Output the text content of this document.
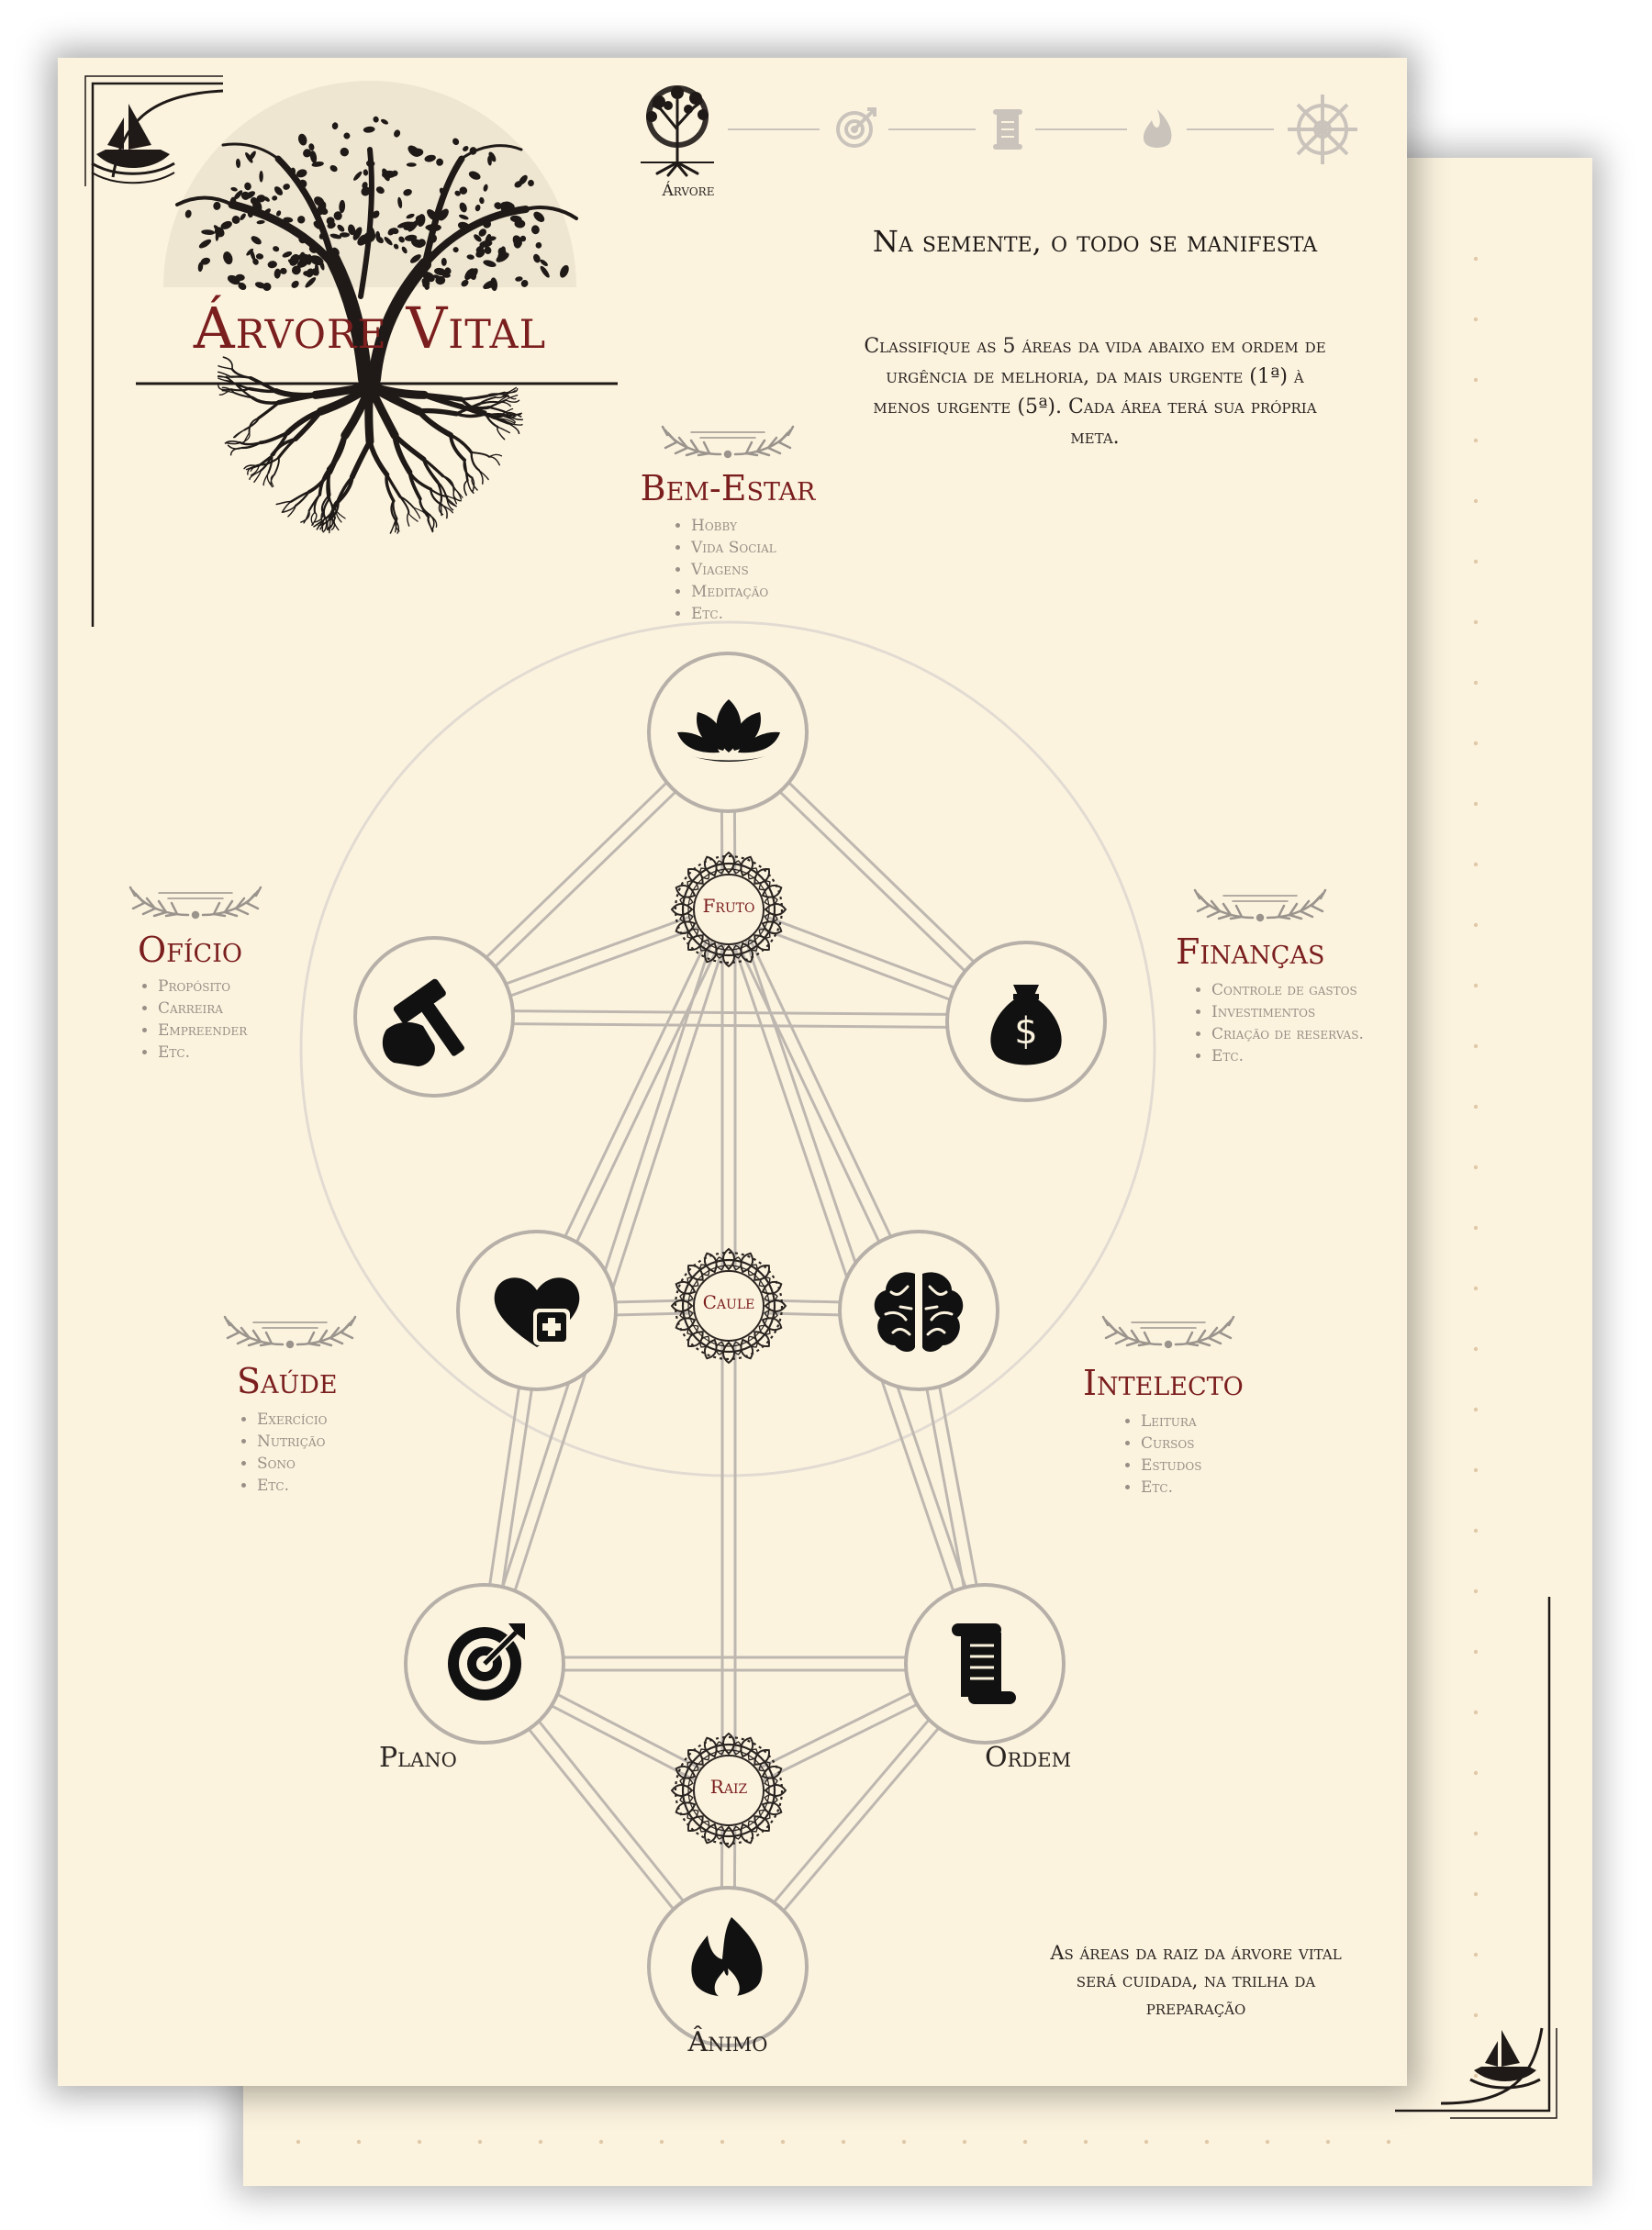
$
Árvore Vital
Árvore
Na semente, o todo se manifesta
Classifique as 5 áreas da vida abaixo em ordem de urgência de melhoria, da mais urgente (1ª) à menos urgente (5ª). Cada área terá sua própria meta.
Bem-Estar
• Hobby
• Vida Social
• Viagens
• Meditação
• Etc.
Ofício
• Propósito
• Carreira
• Empreender
• Etc.
Finanças
• Controle de gastos
• Investimentos
• Criação de reservas.
• Etc.
Saúde
• Exercício
• Nutrição
• Sono
• Etc.
Intelecto
• Leitura
• Cursos
• Estudos
• Etc.
Fruto
Caule
Raiz
Plano	Ordem
Ânimo
As áreas da raiz da árvore vital será cuidada, na trilha da preparação
